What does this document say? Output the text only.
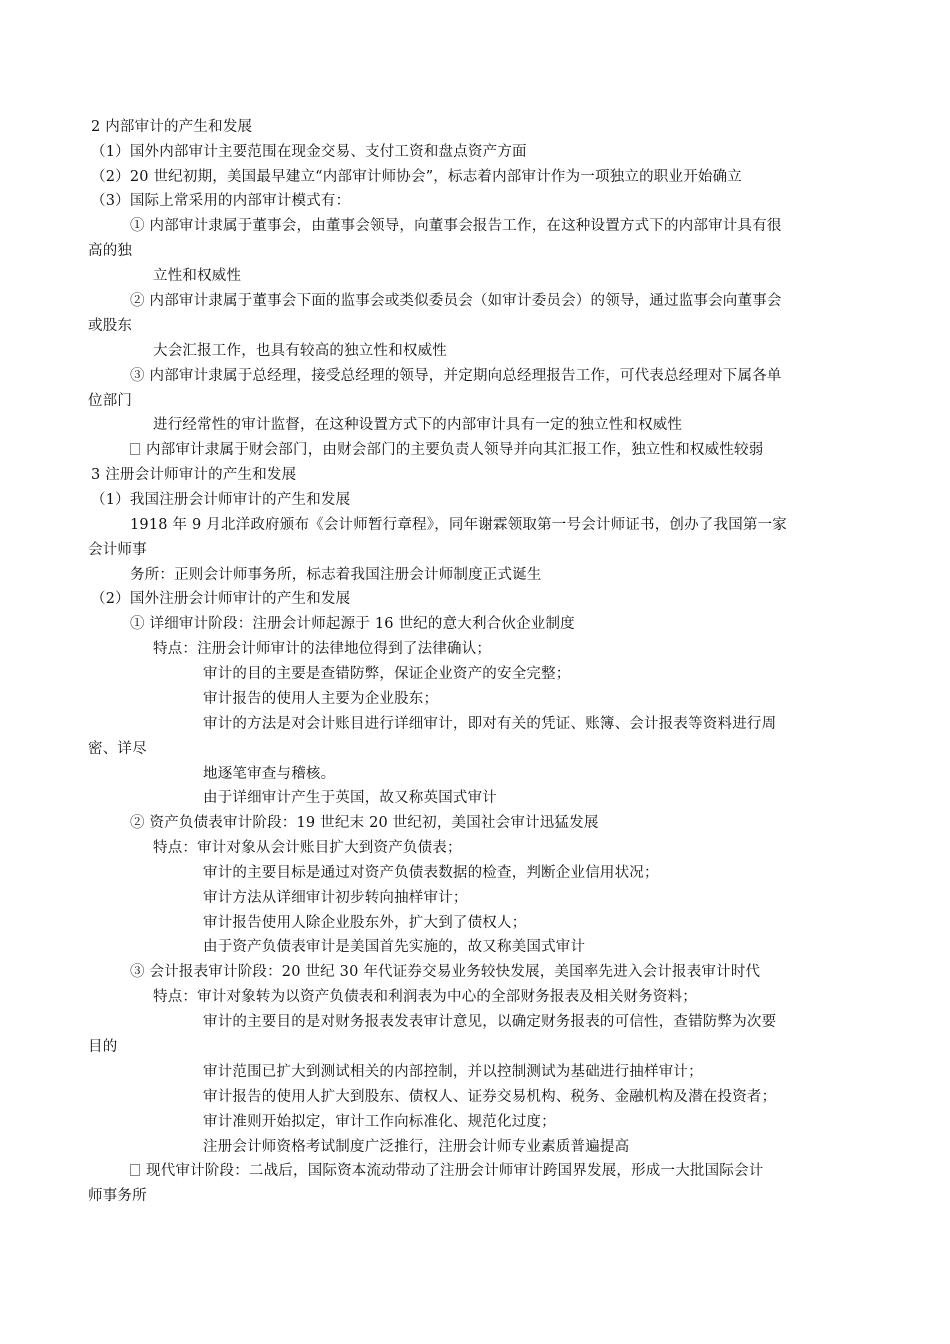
2 内部审计的产生和发展
（1）国外内部审计主要范围在现金交易、支付工资和盘点资产方面
（2）20 世纪初期，美国最早建立“内部审计师协会”，标志着内部审计作为一项独立的职业开始确立
（3）国际上常采用的内部审计模式有：
① 内部审计隶属于董事会，由董事会领导，向董事会报告工作，在这种设置方式下的内部审计具有很
高的独
立性和权威性
② 内部审计隶属于董事会下面的监事会或类似委员会（如审计委员会）的领导，通过监事会向董事会
或股东
大会汇报工作，也具有较高的独立性和权威性
③ 内部审计隶属于总经理，接受总经理的领导，并定期向总经理报告工作，可代表总经理对下属各单
位部门
进行经常性的审计监督，在这种设置方式下的内部审计具有一定的独立性和权威性
内部审计隶属于财会部门，由财会部门的主要负责人领导并向其汇报工作，独立性和权威性较弱
3 注册会计师审计的产生和发展
（1）我国注册会计师审计的产生和发展
1918 年 9 月北洋政府颁布《会计师暂行章程》，同年谢霖领取第一号会计师证书，创办了我国第一家
会计师事
务所：正则会计师事务所，标志着我国注册会计师制度正式诞生
（2）国外注册会计师审计的产生和发展
① 详细审计阶段：注册会计师起源于 16 世纪的意大利合伙企业制度
特点：注册会计师审计的法律地位得到了法律确认；
审计的目的主要是查错防弊，保证企业资产的安全完整；
审计报告的使用人主要为企业股东；
审计的方法是对会计账目进行详细审计，即对有关的凭证、账簿、会计报表等资料进行周
密、详尽
地逐笔审查与稽核。
由于详细审计产生于英国，故又称英国式审计
② 资产负债表审计阶段：19 世纪末 20 世纪初，美国社会审计迅猛发展
特点：审计对象从会计账目扩大到资产负债表；
审计的主要目标是通过对资产负债表数据的检查，判断企业信用状况；
审计方法从详细审计初步转向抽样审计；
审计报告使用人除企业股东外，扩大到了债权人；
由于资产负债表审计是美国首先实施的，故又称美国式审计
③ 会计报表审计阶段：20 世纪 30 年代证券交易业务较快发展，美国率先进入会计报表审计时代
特点：审计对象转为以资产负债表和利润表为中心的全部财务报表及相关财务资料；
审计的主要目的是对财务报表发表审计意见，以确定财务报表的可信性，查错防弊为次要
目的
审计范围已扩大到测试相关的内部控制，并以控制测试为基础进行抽样审计；
审计报告的使用人扩大到股东、债权人、证券交易机构、税务、金融机构及潜在投资者；
审计准则开始拟定，审计工作向标准化、规范化过度；
注册会计师资格考试制度广泛推行，注册会计师专业素质普遍提高
现代审计阶段：二战后，国际资本流动带动了注册会计师审计跨国界发展，形成一大批国际会计
师事务所
